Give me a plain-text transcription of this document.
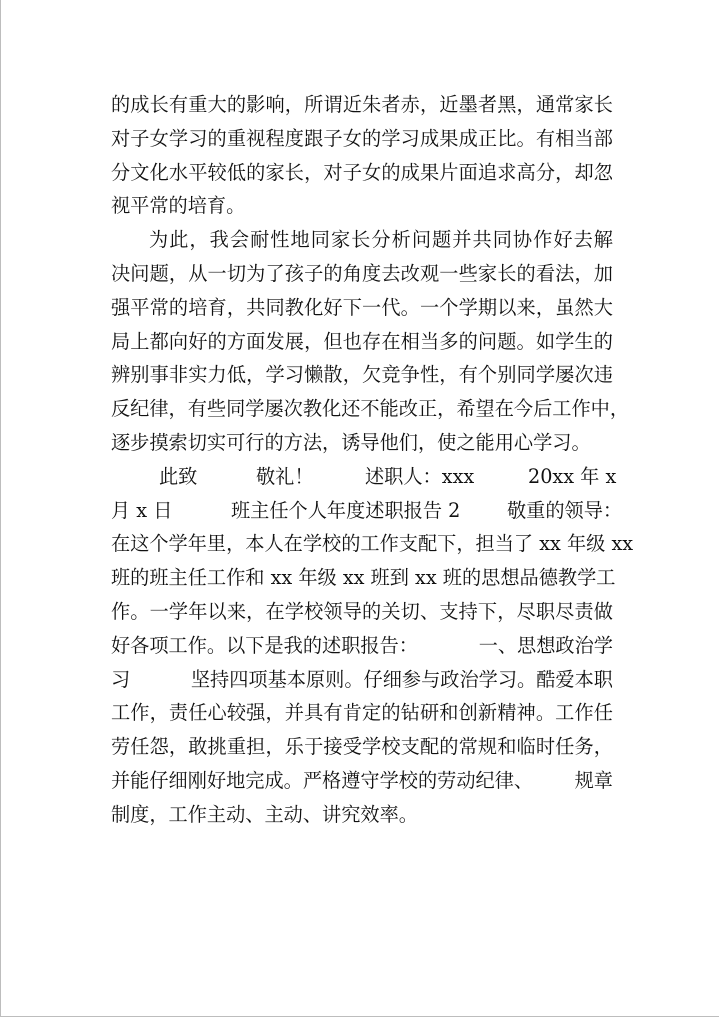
的成长有重大的影响，所谓近朱者赤，近墨者黑，通常家长
对子女学习的重视程度跟子女的学习成果成正比。有相当部
分文化水平较低的家长，对子女的成果片面追求高分，却忽
视平常的培育。
为此，我会耐性地同家长分析问题并共同协作好去解
决问题，从一切为了孩子的角度去改观一些家长的看法，加
强平常的培育，共同教化好下一代。一个学期以来，虽然大
局上都向好的方面发展，但也存在相当多的问题。如学生的
辨别事非实力低，学习懒散，欠竞争性，有个别同学屡次违
反纪律，有些同学屡次教化还不能改正，希望在今后工作中，
逐步摸索切实可行的方法，诱导他们，使之能用心学习。
此致	敬礼！	述职人：xxx	20xx 年 x
月 x 日	班主任个人年度述职报告 2 敬重的领导：
在这个学年里，本人在学校的工作支配下，担当了 xx 年级 xx
班的班主任工作和 xx 年级 xx 班到 xx 班的思想品德教学工
作。一学年以来，在学校领导的关切、支持下，尽职尽责做
好各项工作。以下是我的述职报告：	一、思想政治学
习	坚持四项基本原则。仔细参与政治学习。酷爱本职
工作，责任心较强，并具有肯定的钻研和创新精神。工作任
劳任怨，敢挑重担，乐于接受学校支配的常规和临时任务，
并能仔细刚好地完成。严格遵守学校的劳动纪律、 规章
制度，工作主动、主动、讲究效率。
